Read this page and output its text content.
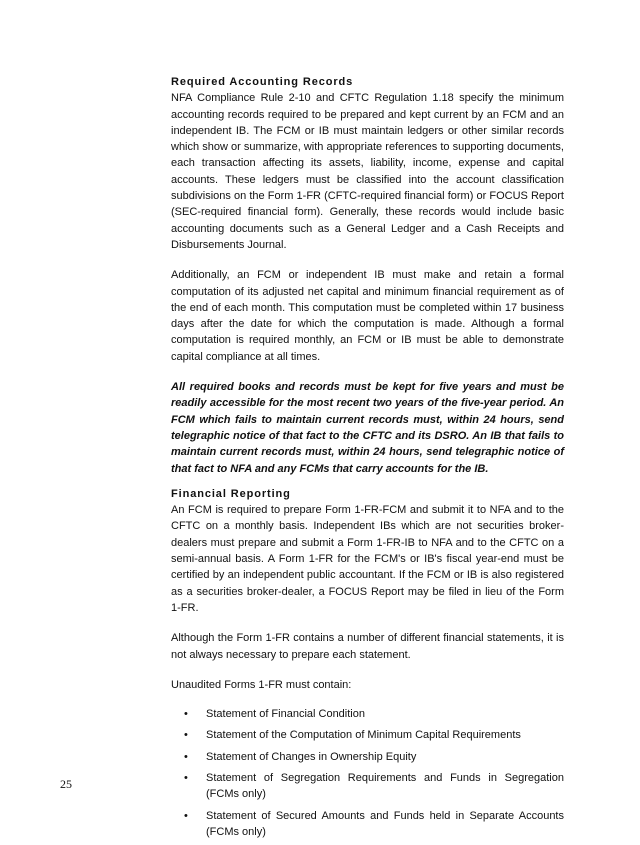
Required Accounting Records

NFA Compliance Rule 2-10 and CFTC Regulation 1.18 specify the minimum accounting records required to be prepared and kept current by an FCM and an independent IB. The FCM or IB must maintain ledgers or other similar records which show or summarize, with appropriate references to supporting documents, each transaction affecting its assets, liability, income, expense and capital accounts. These ledgers must be classified into the account classification subdivisions on the Form 1-FR (CFTC-required financial form) or FOCUS Report (SEC-required financial form). Generally, these records would include basic accounting documents such as a General Ledger and a Cash Receipts and Disbursements Journal.

Additionally, an FCM or independent IB must make and retain a formal computation of its adjusted net capital and minimum financial requirement as of the end of each month. This computation must be completed within 17 business days after the date for which the computation is made. Although a formal computation is required monthly, an FCM or IB must be able to demonstrate capital compliance at all times.

All required books and records must be kept for five years and must be readily accessible for the most recent two years of the five-year period. An FCM which fails to maintain current records must, within 24 hours, send telegraphic notice of that fact to the CFTC and its DSRO. An IB that fails to maintain current records must, within 24 hours, send telegraphic notice of that fact to NFA and any FCMs that carry accounts for the IB.

Financial Reporting

An FCM is required to prepare Form 1-FR-FCM and submit it to NFA and to the CFTC on a monthly basis. Independent IBs which are not securities broker-dealers must prepare and submit a Form 1-FR-IB to NFA and to the CFTC on a semi-annual basis. A Form 1-FR for the FCM's or IB's fiscal year-end must be certified by an independent public accountant. If the FCM or IB is also registered as a securities broker-dealer, a FOCUS Report may be filed in lieu of the Form 1-FR.

Although the Form 1-FR contains a number of different financial statements, it is not always necessary to prepare each statement.

Unaudited Forms 1-FR must contain:

• Statement of Financial Condition
• Statement of the Computation of Minimum Capital Requirements
• Statement of Changes in Ownership Equity
• Statement of Segregation Requirements and Funds in Segregation (FCMs only)
• Statement of Secured Amounts and Funds held in Separate Accounts (FCMs only)
25
